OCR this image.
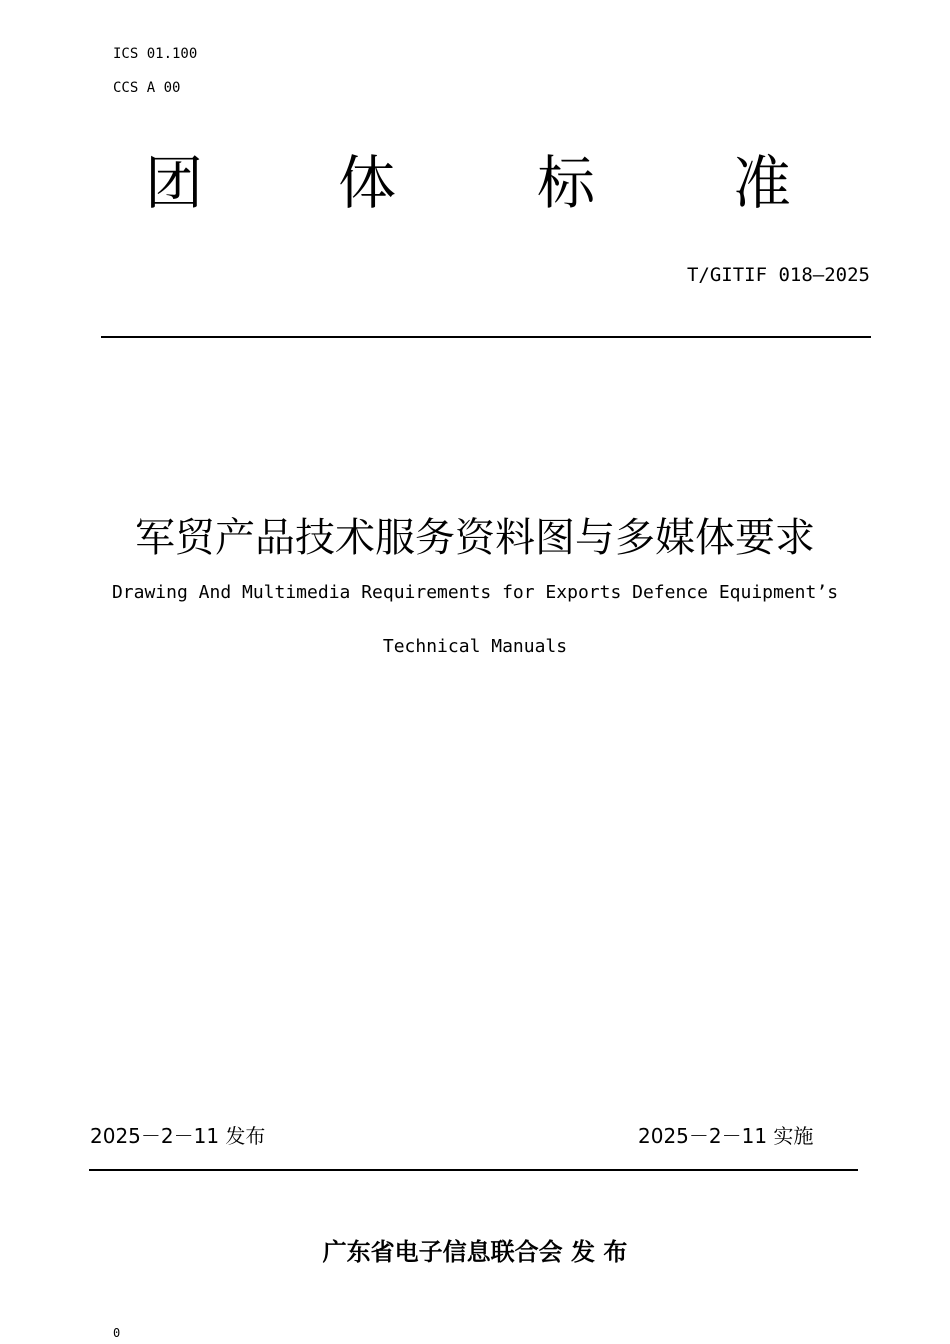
ICS 01.100
CCS A 00
团 体 标 准
T/GITIF 018—2025
军贸产品技术服务资料图与多媒体要求
Drawing And Multimedia Requirements for Exports Defence Equipment’s
Technical Manuals
2025－2－11 发布	2025－2－11 实施
广东省电子信息联合会 发 布
0
